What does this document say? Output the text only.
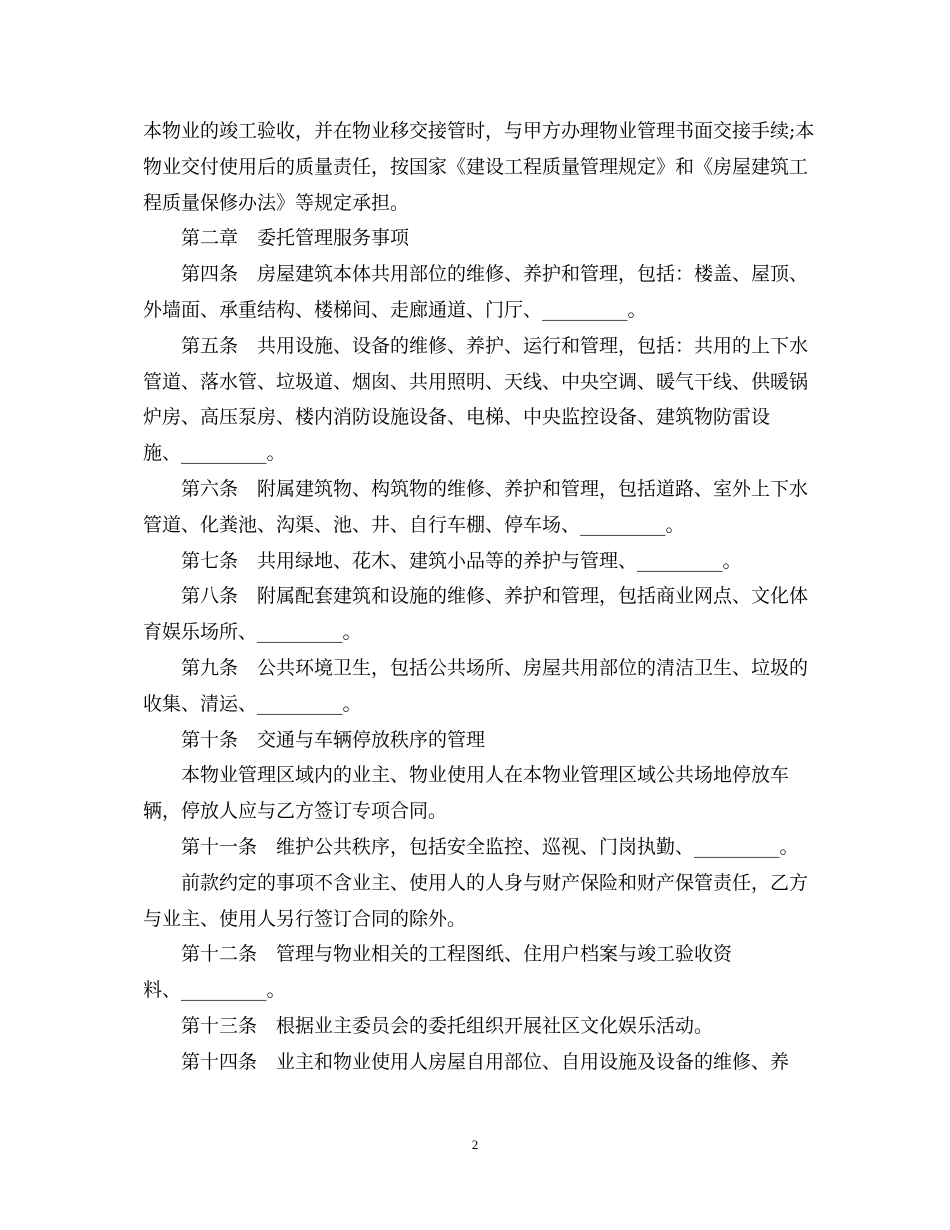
本物业的竣工验收，并在物业移交接管时，与甲方办理物业管理书面交接手续;本
物业交付使用后的质量责任，按国家《建设工程质量管理规定》和《房屋建筑工
程质量保修办法》等规定承担。
第二章　委托管理服务事项
第四条　房屋建筑本体共用部位的维修、养护和管理，包括：楼盖、屋顶、
外墙面、承重结构、楼梯间、走廊通道、门厅、_________。
第五条　共用设施、设备的维修、养护、运行和管理，包括：共用的上下水
管道、落水管、垃圾道、烟囱、共用照明、天线、中央空调、暖气干线、供暖锅
炉房、高压泵房、楼内消防设施设备、电梯、中央监控设备、建筑物防雷设
施、_________。
第六条　附属建筑物、构筑物的维修、养护和管理，包括道路、室外上下水
管道、化粪池、沟渠、池、井、自行车棚、停车场、_________。
第七条　共用绿地、花木、建筑小品等的养护与管理、_________。
第八条　附属配套建筑和设施的维修、养护和管理，包括商业网点、文化体
育娱乐场所、_________。
第九条　公共环境卫生，包括公共场所、房屋共用部位的清洁卫生、垃圾的
收集、清运、_________。
第十条　交通与车辆停放秩序的管理
本物业管理区域内的业主、物业使用人在本物业管理区域公共场地停放车
辆，停放人应与乙方签订专项合同。
第十一条　维护公共秩序，包括安全监控、巡视、门岗执勤、_________。
前款约定的事项不含业主、使用人的人身与财产保险和财产保管责任，乙方
与业主、使用人另行签订合同的除外。
第十二条　管理与物业相关的工程图纸、住用户档案与竣工验收资
料、_________。
第十三条　根据业主委员会的委托组织开展社区文化娱乐活动。
第十四条　业主和物业使用人房屋自用部位、自用设施及设备的维修、养
2
